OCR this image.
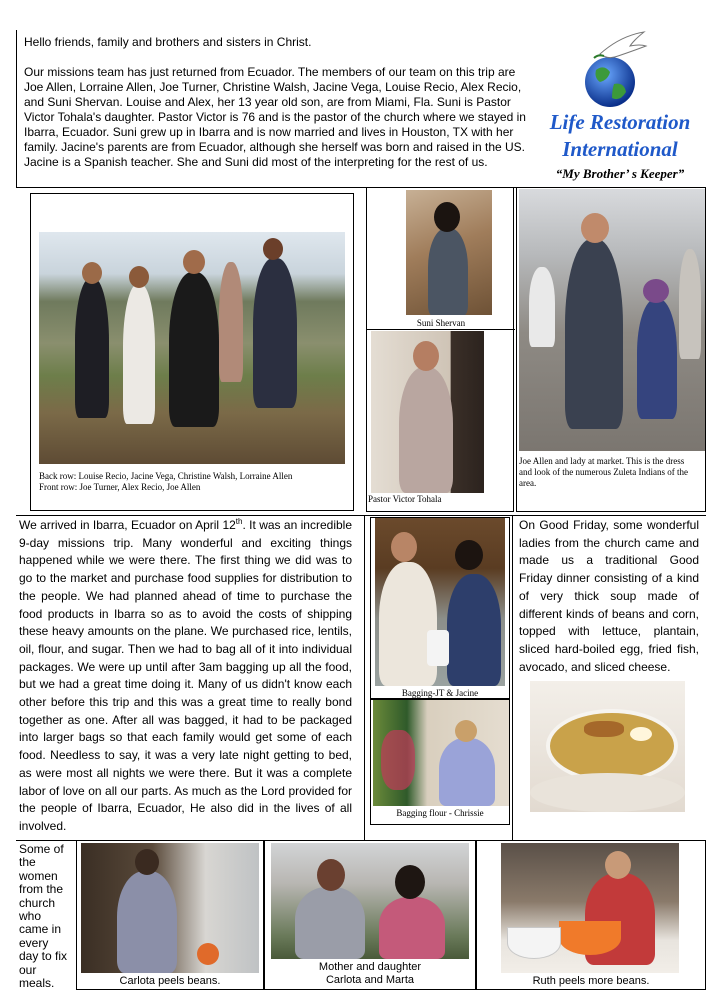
Hello friends, family and brothers and sisters in Christ.
Our missions team has just returned from Ecuador. The members of our team on this trip are Joe Allen, Lorraine Allen, Joe Turner, Christine Walsh, Jacine Vega, Louise Recio, Alex Recio, and Suni Shervan. Louise and Alex, her 13 year old son, are from Miami, Fla. Suni is Pastor Victor Tohala's daughter. Pastor Victor is 76 and is the pastor of the church where we stayed in Ibarra, Ecuador. Suni grew up in Ibarra and is now married and lives in Houston, TX with her family. Jacine's parents are from Ecuador, although she herself was born and raised in the US. Jacine is a Spanish teacher. She and Suni did most of the interpreting for the rest of us.
Life Restoration
International
“My Brother’ s Keeper”
Back row: Louise Recio, Jacine Vega, Christine Walsh, Lorraine Allen
Front row: Joe Turner, Alex Recio, Joe Allen
Suni Shervan
Pastor Victor Tohala
Joe Allen and lady at market. This is the dress and look of the numerous Zuleta Indians of the area.
We arrived in Ibarra, Ecuador on April 12th. It was an incredible 9-day missions trip. Many wonderful and exciting things happened while we were there. The first thing we did was to go to the market and purchase food supplies for distribution to the people. We had planned ahead of time to purchase the food products in Ibarra so as to avoid the costs of shipping these heavy amounts on the plane. We purchased rice, lentils, oil, flour, and sugar. Then we had to bag all of it into individual packages. We were up until after 3am bagging up all the food, but we had a great time doing it. Many of us didn't know each other before this trip and this was a great time to really bond together as one. After all was bagged, it had to be packaged into larger bags so that each family would get some of each food. Needless to say, it was a very late night getting to bed, as were most all nights we were there. But it was a complete labor of love on all our parts. As much as the Lord provided for the people of Ibarra, Ecuador, He also did in the lives of all involved.
Bagging-JT & Jacine
Bagging flour - Chrissie
On Good Friday, some wonderful ladies from the church came and made us a traditional Good Friday dinner consisting of a kind of very thick soup made of different kinds of beans and corn, topped with lettuce, plantain, sliced hard-boiled egg, fried fish, avocado, and sliced cheese.
Some of the women from the church who came in every day to fix our meals.	Carlota peels beans.
Mother and daughter
Carlota and Marta	Ruth peels more beans.
